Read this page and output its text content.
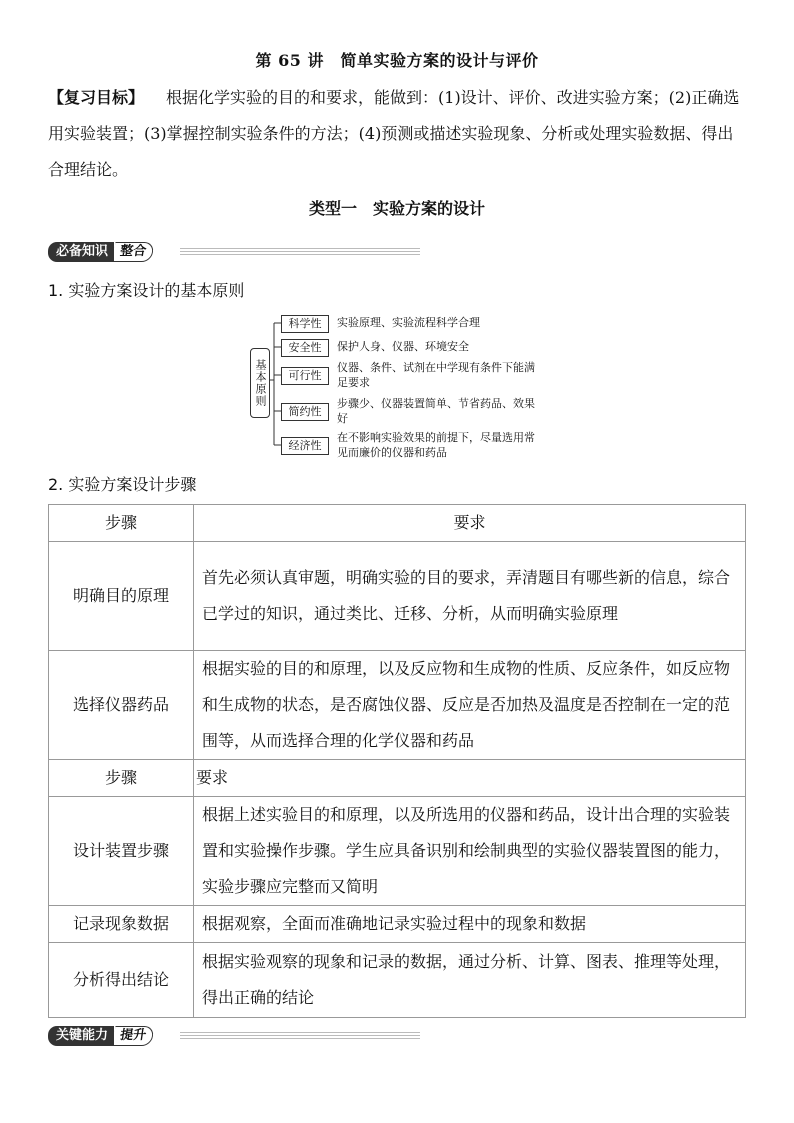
第 65 讲　简单实验方案的设计与评价
【复习目标】 根据化学实验的目的和要求，能做到：(1)设计、评价、改进实验方案；(2)正确选用实验装置；(3)掌握控制实验条件的方法；(4)预测或描述实验现象、分析或处理实验数据、得出合理结论。
类型一　实验方案的设计
必备知识 整合
1. 实验方案设计的基本原则
基本原则
科学性
安全性
可行性
简约性
经济性
实验原理、实验流程科学合理
保护人身、仪器、环境安全
仪器、条件、试剂在中学现有条件下能满足要求
步骤少、仪器装置简单、节省药品、效果好
在不影响实验效果的前提下，尽量选用常见而廉价的仪器和药品
2. 实验方案设计步骤
步骤	要求
明确目的原理	首先必须认真审题，明确实验的目的要求，弄清题目有哪些新的信息，综合已学过的知识，通过类比、迁移、分析，从而明确实验原理
选择仪器药品	根据实验的目的和原理，以及反应物和生成物的性质、反应条件，如反应物和生成物的状态，是否腐蚀仪器、反应是否加热及温度是否控制在一定的范围等，从而选择合理的化学仪器和药品
步骤	要求
设计装置步骤	根据上述实验目的和原理，以及所选用的仪器和药品，设计出合理的实验装置和实验操作步骤。学生应具备识别和绘制典型的实验仪器装置图的能力，实验步骤应完整而又简明
记录现象数据	根据观察，全面而准确地记录实验过程中的现象和数据
分析得出结论	根据实验观察的现象和记录的数据，通过分析、计算、图表、推理等处理，得出正确的结论
关键能力 提升
